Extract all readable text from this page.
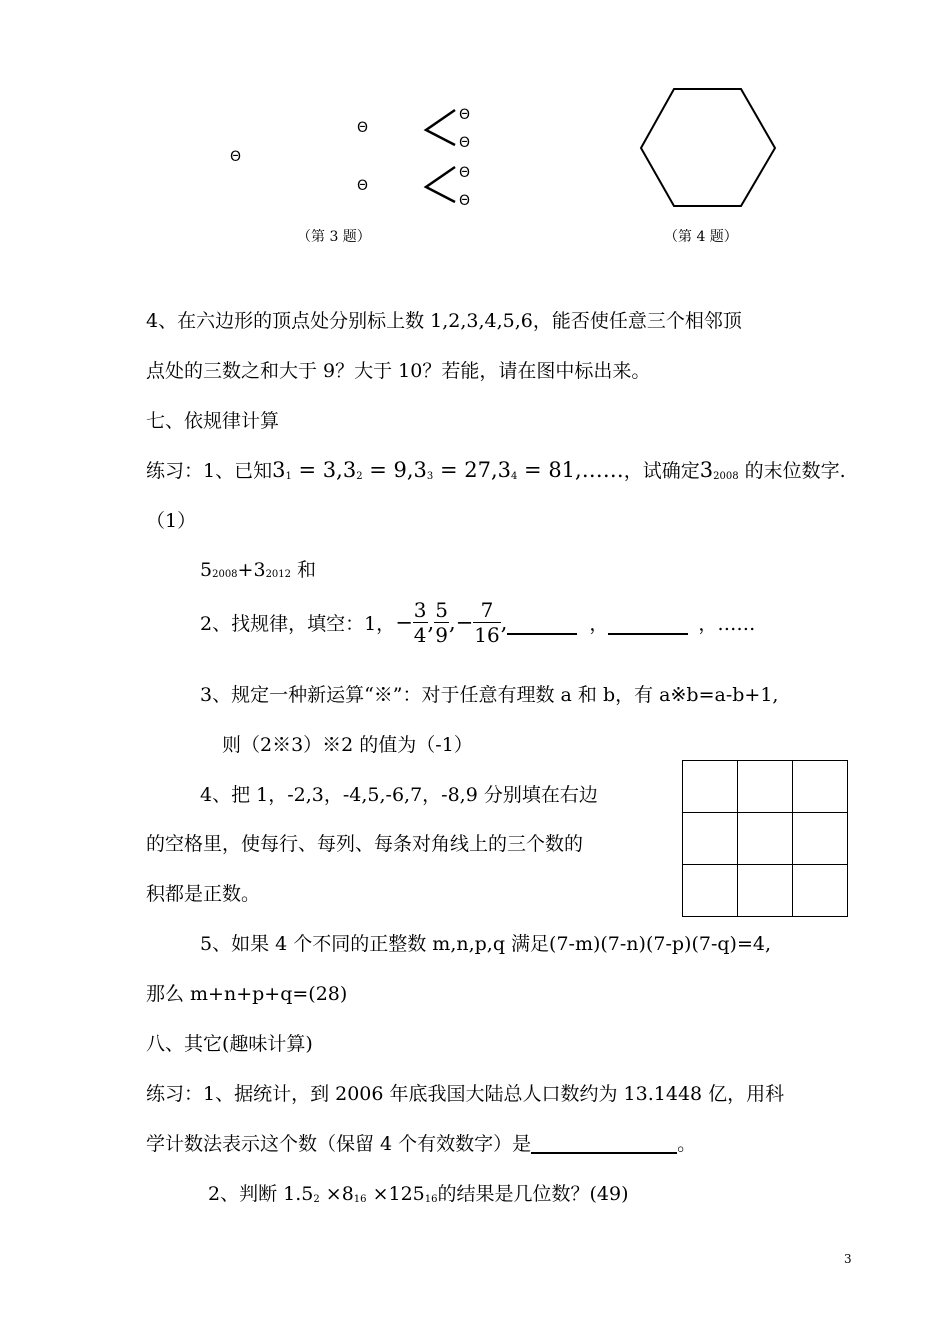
Θ
Θ
Θ
Θ
Θ
Θ
Θ
（第 3 题）	（第 4 题）
4、在六边形的顶点处分别标上数 1,2,3,4,5,6，能否使任意三个相邻顶
点处的三数之和大于 9？大于 10？若能，请在图中标出来。
七、依规律计算
练习：1、已知$3_1 = 3,3_2 = 9,3_3 = 27,3_4$ = 81,……，试确定$3_{2008}$ 的末位数字.
（1）
52008+32012 和
2、找规律，填空：1，− $\frac{3}{4}$ , $\frac{5}{9}$ ,− $\frac{7}{16}$ ,	，	，……
3、规定一种新运算“※”：对于任意有理数 a 和 b，有 a※b=a-b+1,
则（2※3）※2 的值为（-1）
4、把 1，-2,3，-4,5,-6,7，-8,9 分别填在右边
的空格里，使每行、每列、每条对角线上的三个数的
积都是正数。

5、如果 4 个不同的正整数 m,n,p,q 满足(7-m)(7-n)(7-p)(7-q)=4,
那么 m+n+p+q=(28)
八、其它(趣味计算)
练习：1、据统计，到 2006 年底我国大陆总人口数约为 13.1448 亿，用科
学计数法表示这个数（保留 4 个有效数字）是	。
2、判断 $1.5_2 \times 8_{16} \times 125_{16}$的结果是几位数？(49)
3
